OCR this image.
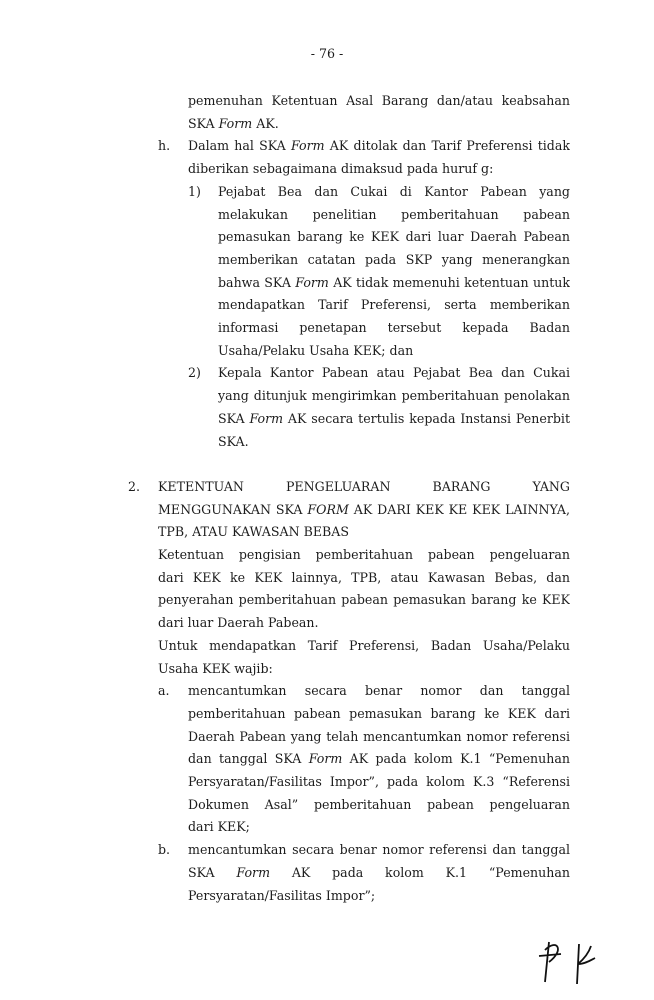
- 76 -
pemenuhan Ketentuan Asal Barang dan/atau keabsahan
SKA Form AK.
h. Dalam hal SKA Form AK ditolak dan Tarif Preferensi tidak
diberikan sebagaimana dimaksud pada huruf g:
1) Pejabat Bea dan Cukai di Kantor Pabean yang
melakukan penelitian pemberitahuan pabean
pemasukan barang ke KEK dari luar Daerah Pabean
memberikan catatan pada SKP yang menerangkan
bahwa SKA Form AK tidak memenuhi ketentuan untuk
mendapatkan Tarif Preferensi, serta memberikan
informasi penetapan tersebut kepada Badan
Usaha/Pelaku Usaha KEK; dan
2) Kepala Kantor Pabean atau Pejabat Bea dan Cukai
yang ditunjuk mengirimkan pemberitahuan penolakan
SKA Form AK secara tertulis kepada Instansi Penerbit
SKA.
2. KETENTUAN PENGELUARAN BARANG YANG
MENGGUNAKAN SKA FORM AK DARI KEK KE KEK LAINNYA,
TPB, ATAU KAWASAN BEBAS
Ketentuan pengisian pemberitahuan pabean pengeluaran
dari KEK ke KEK lainnya, TPB, atau Kawasan Bebas, dan
penyerahan pemberitahuan pabean pemasukan barang ke KEK
dari luar Daerah Pabean.
Untuk mendapatkan Tarif Preferensi, Badan Usaha/Pelaku
Usaha KEK wajib:
a. mencantumkan secara benar nomor dan tanggal
pemberitahuan pabean pemasukan barang ke KEK dari
Daerah Pabean yang telah mencantumkan nomor referensi
dan tanggal SKA Form AK pada kolom K.1 “Pemenuhan
Persyaratan/Fasilitas Impor”, pada kolom K.3 “Referensi
Dokumen Asal” pemberitahuan pabean pengeluaran
dari KEK;
b. mencantumkan secara benar nomor referensi dan tanggal
SKA Form AK pada kolom K.1 “Pemenuhan
Persyaratan/Fasilitas Impor”;
